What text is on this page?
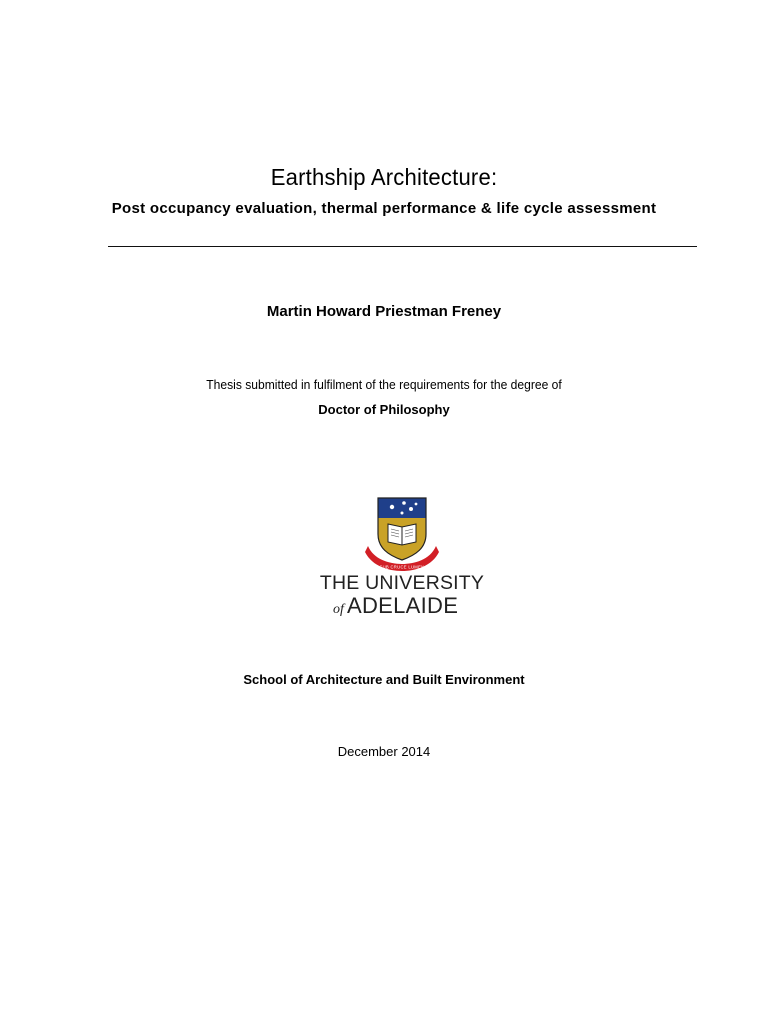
Earthship Architecture:
Post occupancy evaluation, thermal performance & life cycle assessment
Martin Howard Priestman Freney
Thesis submitted in fulfilment of the requirements for the degree of
Doctor of Philosophy
SUB CRUCE LUMEN
THE UNIVERSITY
of ADELAIDE
School of Architecture and Built Environment
December 2014
